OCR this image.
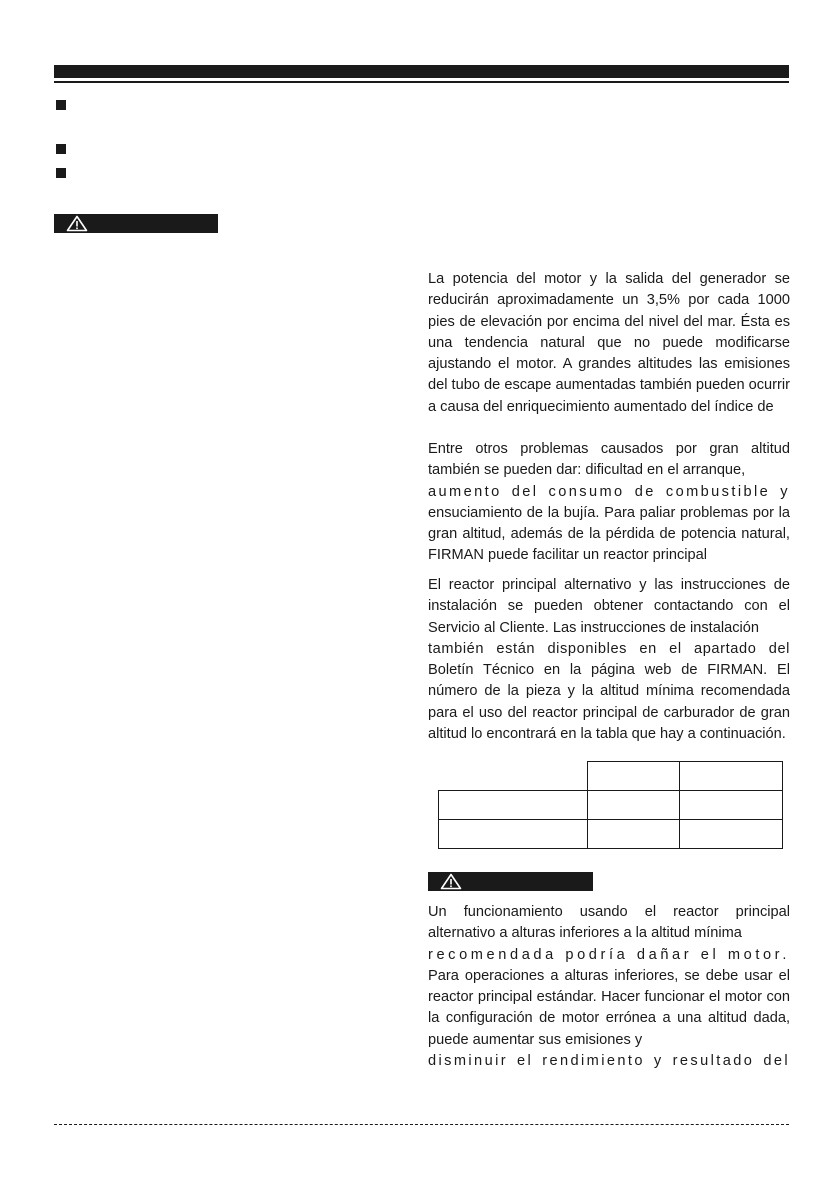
La potencia del motor y la salida del generador se reducirán aproximadamente un 3,5% por cada 1000 pies de elevación por encima del nivel del mar. Ésta es una tendencia natural que no puede modificarse ajustando el motor. A grandes altitudes las emisiones del tubo de escape aumentadas también pueden ocurrir a causa del enriquecimiento aumentado del índice de

Entre otros problemas causados por gran altitud también se pueden dar: dificultad en el arranque,

aumento del consumo de combustible y

ensuciamiento de la bujía. Para paliar problemas por la gran altitud, además de la pérdida de potencia natural, FIRMAN puede facilitar un reactor principal

El reactor principal alternativo y las instrucciones de instalación se pueden obtener contactando con el Servicio al Cliente. Las instrucciones de instalación

también están disponibles en el apartado del

Boletín Técnico en la página web de FIRMAN. El número de la pieza y la altitud mínima recomendada para el uso del reactor principal de carburador de gran altitud lo encontrará en la tabla que hay a continuación.

Un funcionamiento usando el reactor principal alternativo a alturas inferiores a la altitud mínima

recomendada podría dañar el motor.

Para operaciones a alturas inferiores, se debe usar el reactor principal estándar. Hacer funcionar el motor con la configuración de motor errónea a una altitud dada, puede aumentar sus emisiones y

disminuir el rendimiento y resultado del
